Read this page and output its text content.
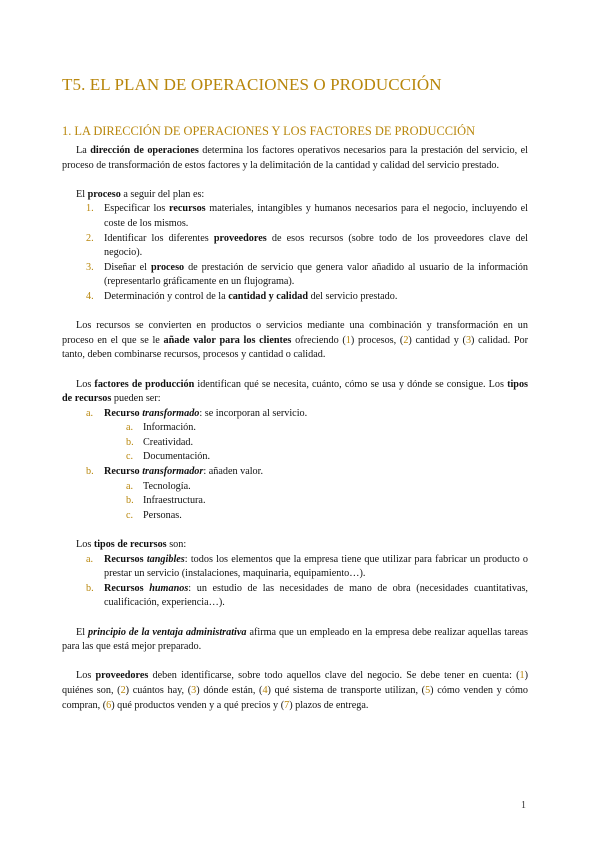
T5. EL PLAN DE OPERACIONES O PRODUCCIÓN
1. LA DIRECCIÓN DE OPERACIONES Y LOS FACTORES DE PRODUCCIÓN

La dirección de operaciones determina los factores operativos necesarios para la prestación del servicio, el proceso de transformación de estos factores y la delimitación de la cantidad y calidad del servicio prestado.

El proceso a seguir del plan es:

1. Especificar los recursos materiales, intangibles y humanos necesarios para el negocio, incluyendo el coste de los mismos.
2. Identificar los diferentes proveedores de esos recursos (sobre todo de los proveedores clave del negocio).
3. Diseñar el proceso de prestación de servicio que genera valor añadido al usuario de la información (representarlo gráficamente en un flujograma).
4. Determinación y control de la cantidad y calidad del servicio prestado.

Los recursos se convierten en productos o servicios mediante una combinación y transformación en un proceso en el que se le añade valor para los clientes ofreciendo (1) procesos, (2) cantidad y (3) calidad. Por tanto, deben combinarse recursos, procesos y cantidad o calidad.

Los factores de producción identifican qué se necesita, cuánto, cómo se usa y dónde se consigue. Los tipos de recursos pueden ser:

a. Recurso transformado: se incorporan al servicio.
a. Información.
b. Creatividad.
c. Documentación.
b. Recurso transformador: añaden valor.
a. Tecnología.
b. Infraestructura.
c. Personas.

Los tipos de recursos son:

a. Recursos tangibles: todos los elementos que la empresa tiene que utilizar para fabricar un producto o prestar un servicio (instalaciones, maquinaria, equipamiento…).
b. Recursos humanos: un estudio de las necesidades de mano de obra (necesidades cuantitativas, cualificación, experiencia…).

El principio de la ventaja administrativa afirma que un empleado en la empresa debe realizar aquellas tareas para las que está mejor preparado.

Los proveedores deben identificarse, sobre todo aquellos clave del negocio. Se debe tener en cuenta: (1) quiénes son, (2) cuántos hay, (3) dónde están, (4) qué sistema de transporte utilizan, (5) cómo venden y cómo compran, (6) qué productos venden y a qué precios y (7) plazos de entrega.

1
